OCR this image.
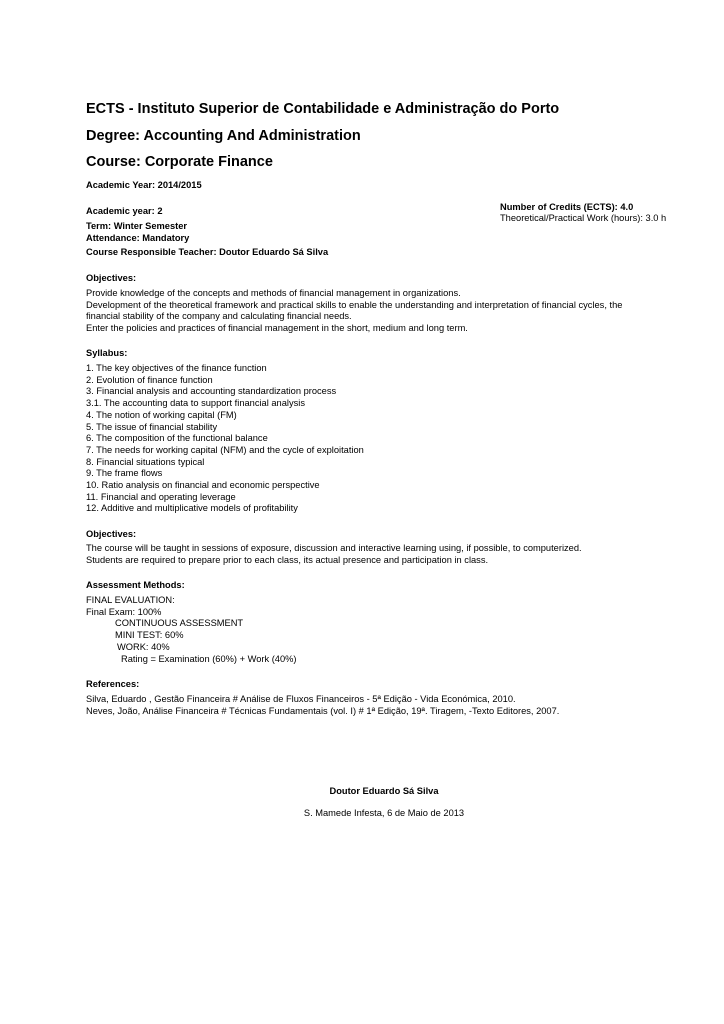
ECTS - Instituto Superior de Contabilidade e Administração do Porto
Degree: Accounting And Administration
Course: Corporate Finance
Academic Year: 2014/2015
Academic year: 2
Term: Winter Semester
Attendance: Mandatory
Course Responsible Teacher: Doutor Eduardo Sá Silva
Number of Credits (ECTS): 4.0
Theoretical/Practical Work (hours): 3.0 h
Objectives:
Provide knowledge of the concepts and methods of financial management in organizations.
Development of the theoretical framework and practical skills to enable the understanding and interpretation of financial cycles, the
financial stability of the company and calculating financial needs.
Enter the policies and practices of financial management in the short, medium and long term.
Syllabus:
1. The key objectives of the finance function
2. Evolution of finance function
3. Financial analysis and accounting standardization process
3.1. The accounting data to support financial analysis
4. The notion of working capital (FM)
5. The issue of financial stability
6. The composition of the functional balance
7. The needs for working capital (NFM) and the cycle of exploitation
8. Financial situations typical
9. The frame flows
10. Ratio analysis on financial and economic perspective
11. Financial and operating leverage
12. Additive and multiplicative models of profitability
Objectives:
The course will be taught in sessions of exposure, discussion and interactive learning using, if possible, to computerized.
Students are required to prepare prior to each class, its actual presence and participation in class.
Assessment Methods:
FINAL EVALUATION:
Final Exam: 100%
CONTINUOUS ASSESSMENT
MINI TEST: 60%
WORK: 40%
Rating = Examination (60%) + Work (40%)
References:
Silva, Eduardo , Gestão Financeira # Análise de Fluxos Financeiros - 5ª Edição - Vida Económica, 2010.
Neves, João, Análise Financeira # Técnicas Fundamentais (vol. I) # 1ª Edição, 19ª. Tiragem, -Texto Editores, 2007.
Doutor Eduardo Sá Silva
S. Mamede Infesta, 6 de Maio de 2013
